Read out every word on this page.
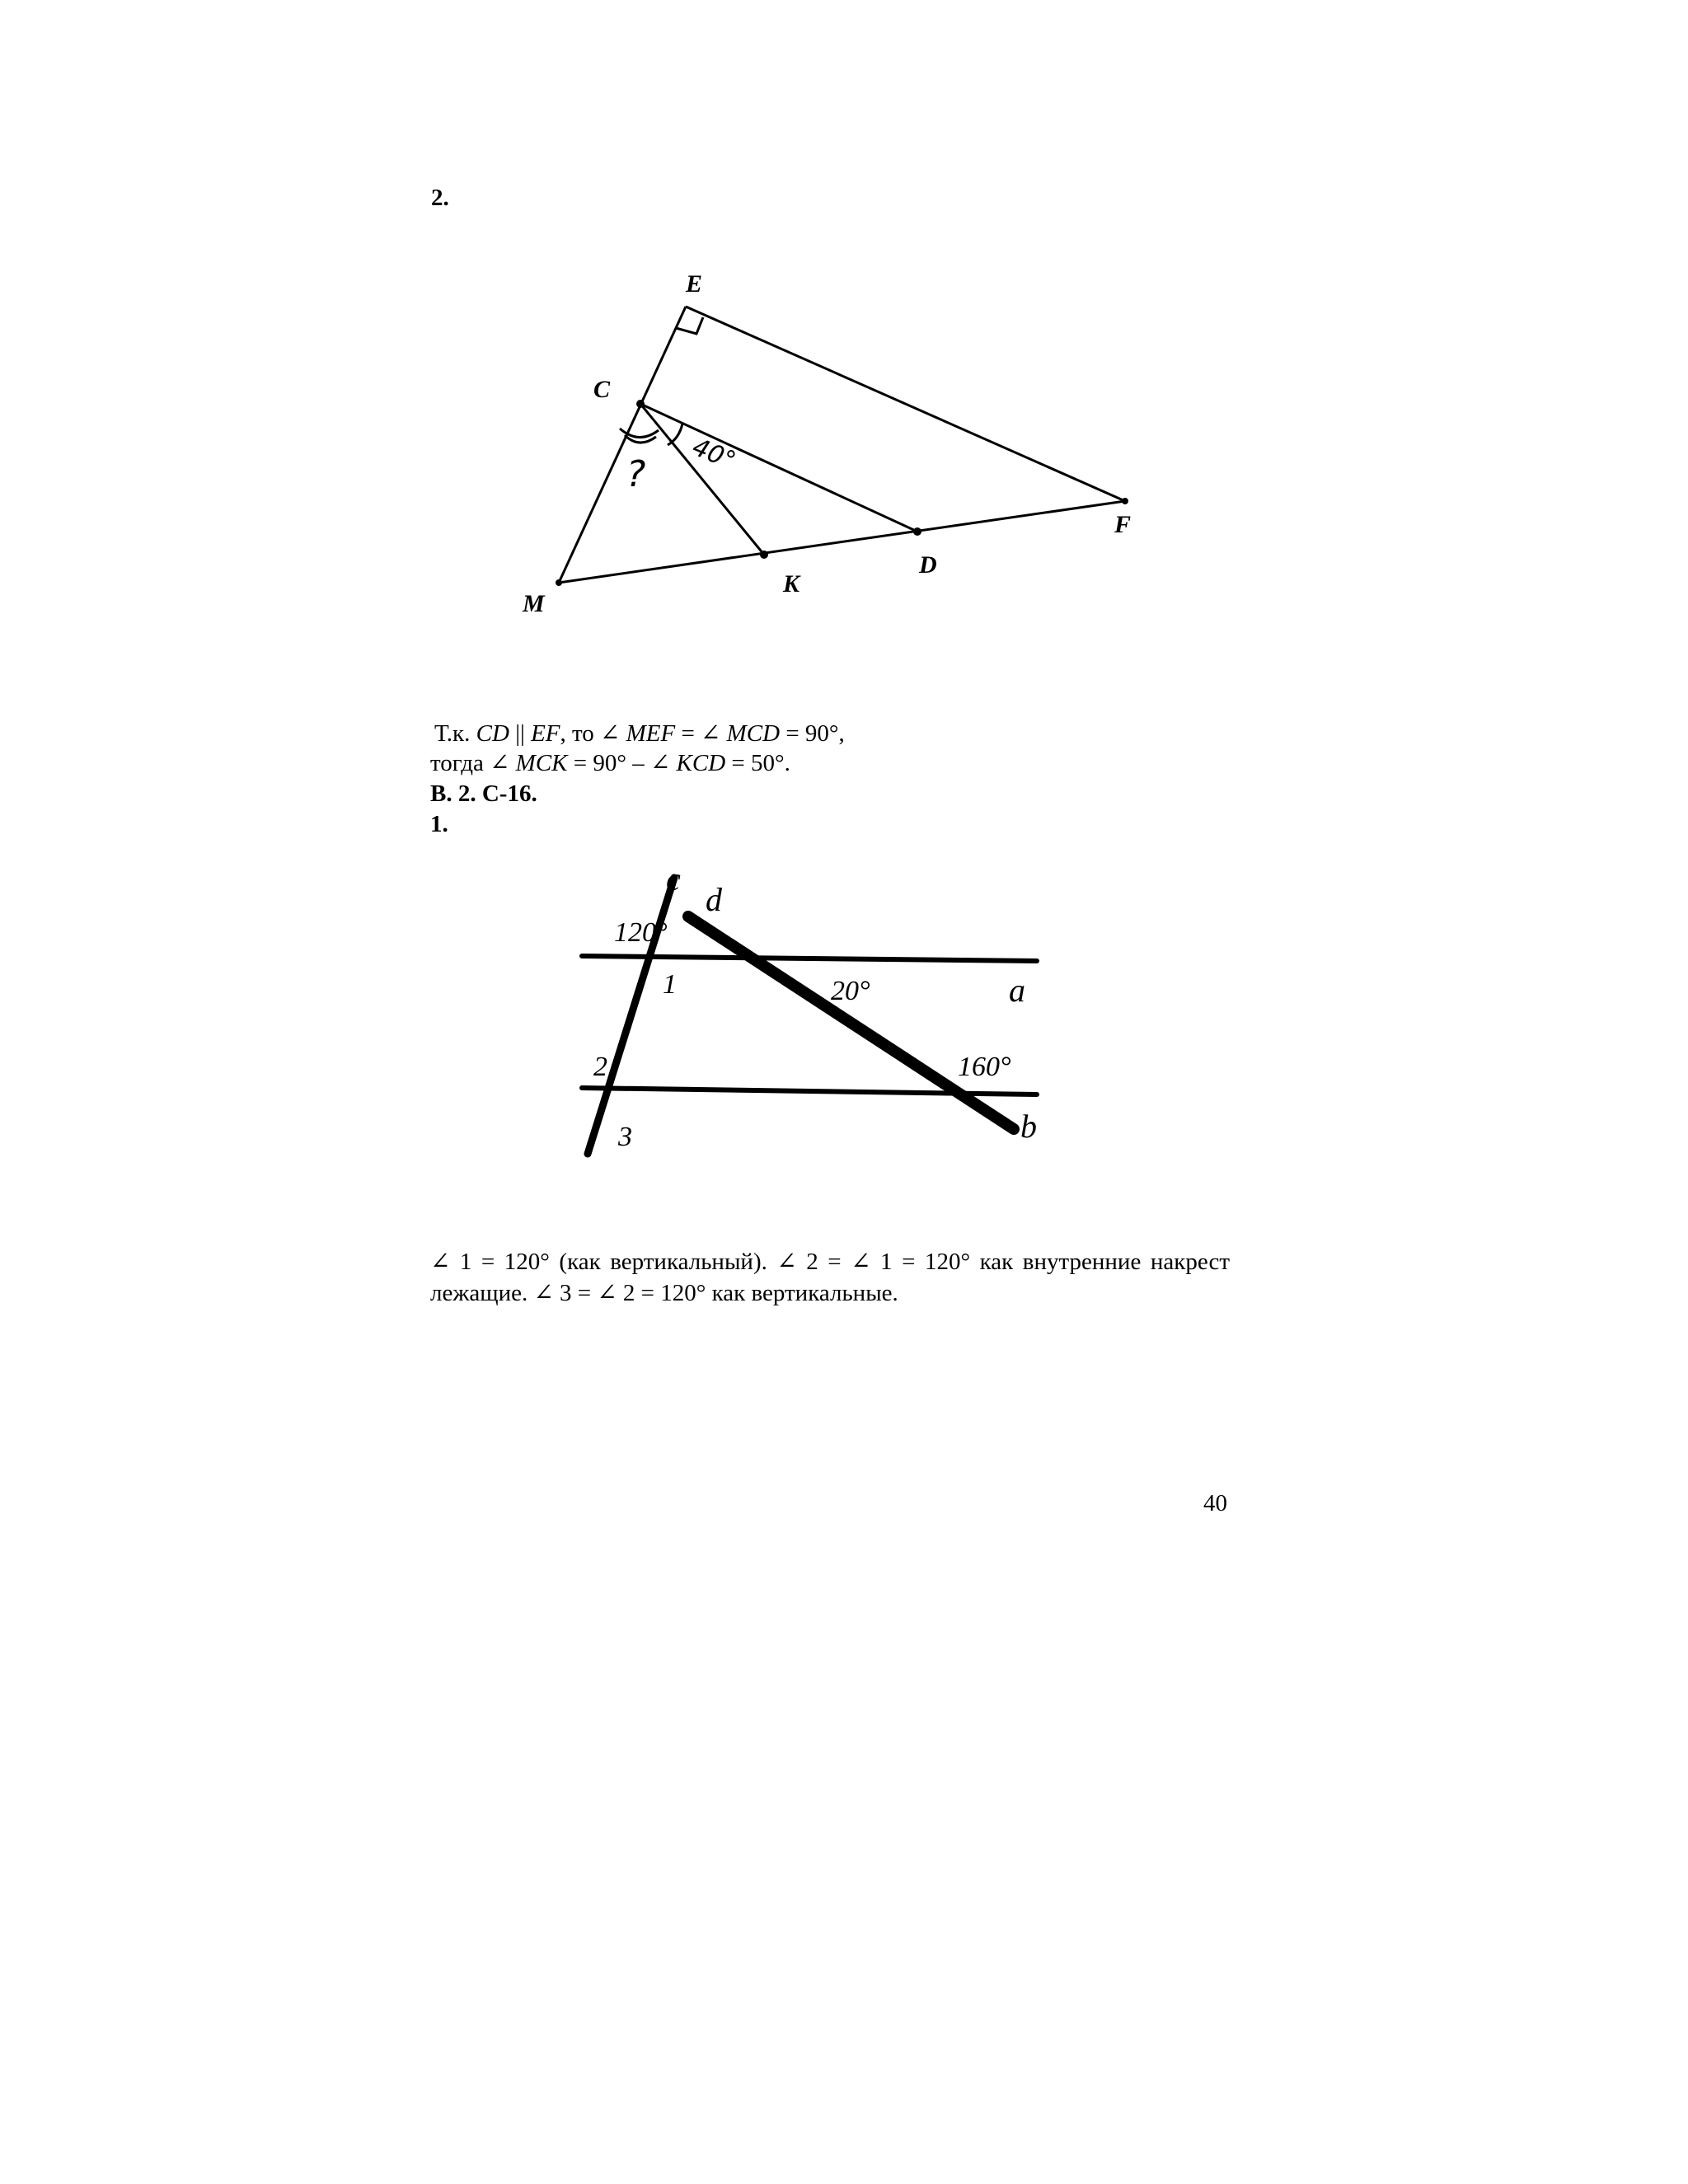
2.
E
C
F
M
K
D
40°
?
Т.к. CD || EF, то ∠ MEF = ∠ MCD = 90°,
тогда ∠ MCK = 90° – ∠ KCD = 50°.
В. 2. С-16.
1.
c
d
a
b
120°
20°
160°
1
2
3
∠ 1 = 120° (как вертикальный). ∠ 2 = ∠ 1 = 120° как внутренние накрест лежащие. ∠ 3 = ∠ 2 = 120° как вертикальные.
40
